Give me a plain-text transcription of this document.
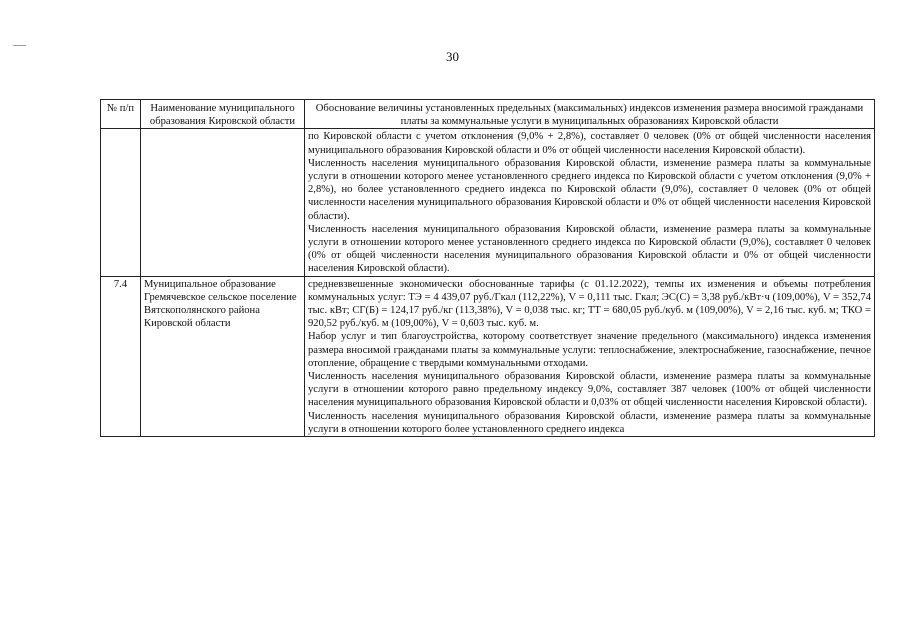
30
№ п/п	Наименование муниципального образования Кировской области	Обоснование величины установленных предельных (максимальных) индексов изменения размера вносимой гражданами платы за коммунальные услуги в муниципальных образованиях Кировской области

		по Кировской области с учетом отклонения (9,0% + 2,8%), составляет 0 человек (0% от общей численности населения муниципального образования Кировской области и 0% от общей численности населения Кировской области).

Численность населения муниципального образования Кировской области, изменение размера платы за коммунальные услуги в отношении которого менее установленного среднего индекса по Кировской области с учетом отклонения (9,0% + 2,8%), но более установленного среднего индекса по Кировской области (9,0%), составляет 0 человек (0% от общей численности населения муниципального образования Кировской области и 0% от общей численности населения Кировской области).

Численность населения муниципального образования Кировской области, изменение размера платы за коммунальные услуги в отношении которого менее установленного среднего индекса по Кировской области (9,0%), составляет 0 человек (0% от общей численности населения муниципального образования Кировской области и 0% от общей численности населения Кировской области).

7.4	Муниципальное образование Гремячевское сельское поселение Вятскополянского района Кировской области	средневзвешенные экономически обоснованные тарифы (с 01.12.2022), темпы их изменения и объемы потребления коммунальных услуг: ТЭ = 4 439,07 руб./Гкал (112,22%), V = 0,111 тыс. Гкал; ЭС(С) = 3,38 руб./кВт·ч (109,00%), V = 352,74 тыс. кВт; СГ(Б) = 124,17 руб./кг (113,38%), V = 0,038 тыс. кг; ТТ = 680,05 руб./куб. м (109,00%), V = 2,16 тыс. куб. м; ТКО = 920,52 руб./куб. м (109,00%), V = 0,603 тыс. куб. м.

Набор услуг и тип благоустройства, которому соответствует значение предельного (максимального) индекса изменения размера вносимой гражданами платы за коммунальные услуги: теплоснабжение, электроснабжение, газоснабжение, печное отопление, обращение с твердыми коммунальными отходами.

Численность населения муниципального образования Кировской области, изменение размера платы за коммунальные услуги в отношении которого равно предельному индексу 9,0%, составляет 387 человек (100% от общей численности населения муниципального образования Кировской области и 0,03% от общей численности населения Кировской области).

Численность населения муниципального образования Кировской области, изменение размера платы за коммунальные услуги в отношении которого более установленного среднего индекса
